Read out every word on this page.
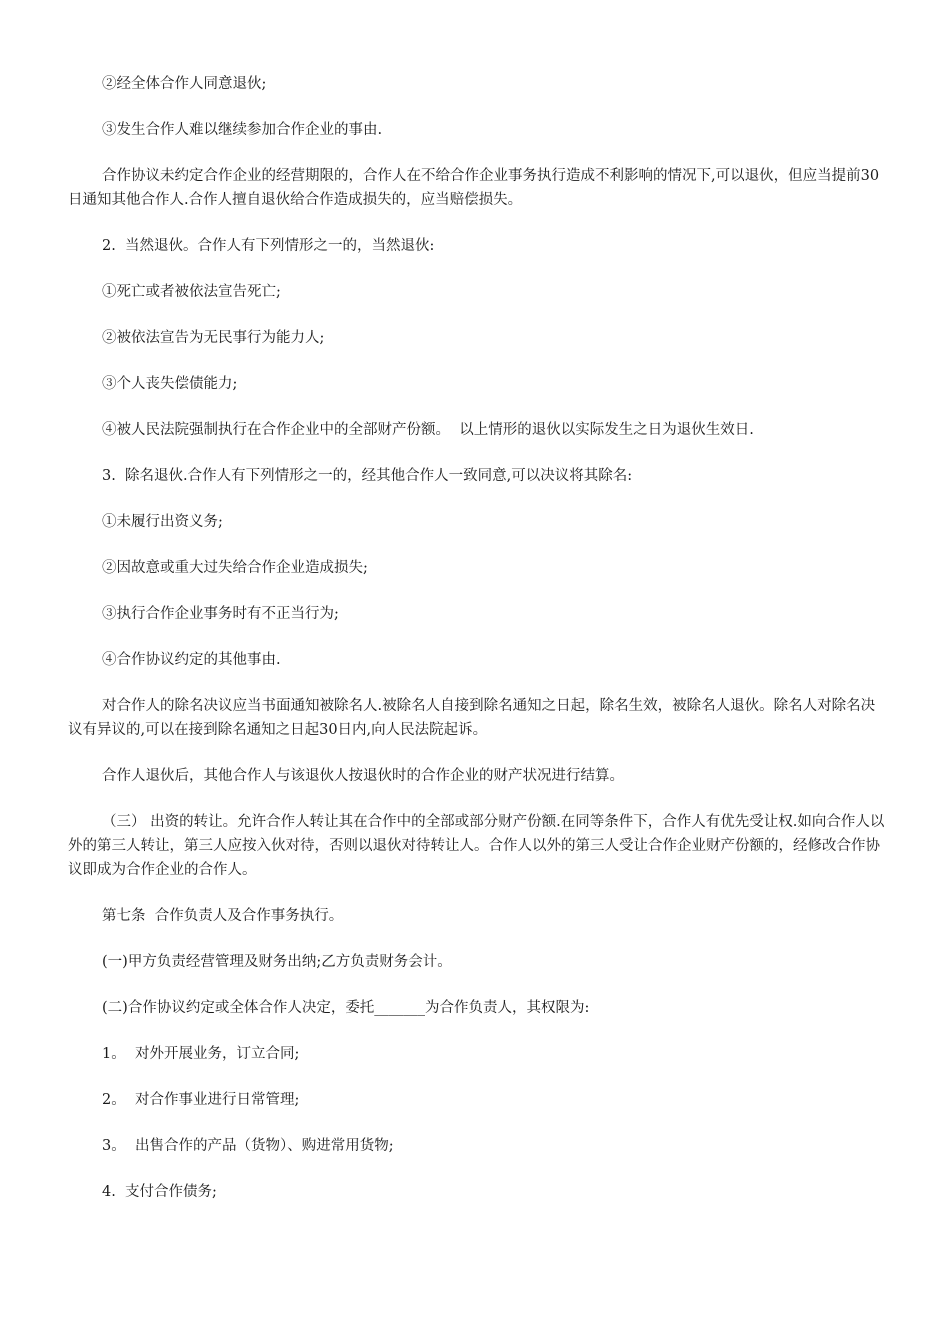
②经全体合作人同意退伙;

③发生合作人难以继续参加合作企业的事由.

合作协议未约定合作企业的经营期限的，合作人在不给合作企业事务执行造成不利影响的情况下,可以退伙，但应当提前30日通知其他合作人.合作人擅自退伙给合作造成损失的，应当赔偿损失。

2.  当然退伙。合作人有下列情形之一的，当然退伙:

①死亡或者被依法宣告死亡;

②被依法宣告为无民事行为能力人;

③个人丧失偿债能力;

④被人民法院强制执行在合作企业中的全部财产份额。  以上情形的退伙以实际发生之日为退伙生效日.

3.  除名退伙.合作人有下列情形之一的，经其他合作人一致同意,可以决议将其除名:

①未履行出资义务;

②因故意或重大过失给合作企业造成损失;

③执行合作企业事务时有不正当行为;

④合作协议约定的其他事由.

对合作人的除名决议应当书面通知被除名人.被除名人自接到除名通知之日起，除名生效，被除名人退伙。除名人对除名决议有异议的,可以在接到除名通知之日起30日内,向人民法院起诉。

合作人退伙后，其他合作人与该退伙人按退伙时的合作企业的财产状况进行结算。

（三） 出资的转让。允许合作人转让其在合作中的全部或部分财产份额.在同等条件下，合作人有优先受让权.如向合作人以外的第三人转让，第三人应按入伙对待，否则以退伙对待转让人。合作人以外的第三人受让合作企业财产份额的，经修改合作协议即成为合作企业的合作人。

第七条  合作负责人及合作事务执行。

(一)甲方负责经营管理及财务出纳;乙方负责财务会计。

(二)合作协议约定或全体合作人决定，委托_______为合作负责人，其权限为:

1。  对外开展业务，订立合同;

2。  对合作事业进行日常管理;

3。  出售合作的产品（货物）、购进常用货物;

4.  支付合作债务;
